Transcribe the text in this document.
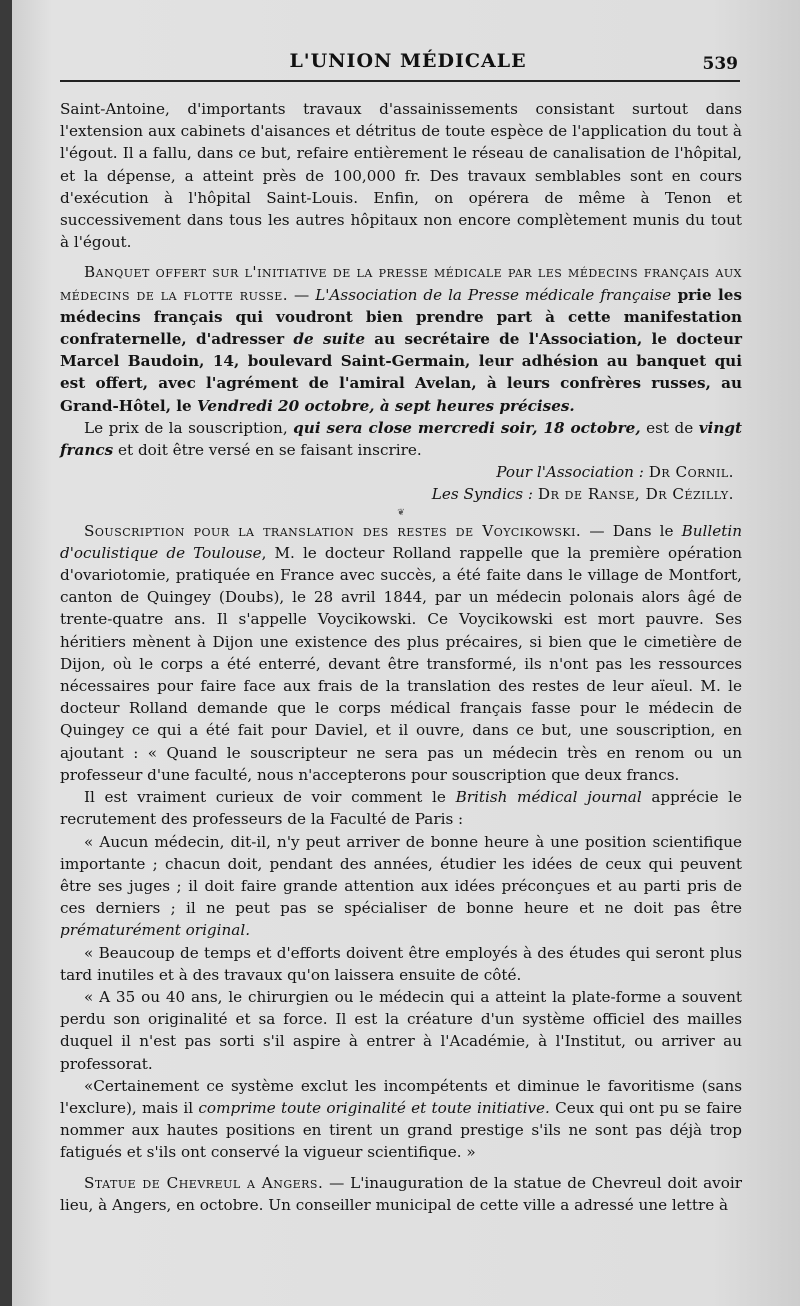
L'UNION MÉDICALE	539

Saint-Antoine, d'importants travaux d'assainissements consistant surtout dans l'extension aux cabinets d'aisances et détritus de toute espèce de l'application du tout à l'égout. Il a fallu, dans ce but, refaire entièrement le réseau de canalisation de l'hôpital, et la dépense, a atteint près de 100,000 fr. Des travaux semblables sont en cours d'exécution à l'hôpital Saint-Louis. Enfin, on opérera de même à Tenon et successivement dans tous les autres hôpitaux non encore complètement munis du tout à l'égout.

Banquet offert sur l'initiative de la presse médicale par les médecins français aux médecins de la flotte russe. — L'Association de la Presse médicale française prie les médecins français qui voudront bien prendre part à cette manifestation confraternelle, d'adresser de suite au secrétaire de l'Association, le docteur Marcel Baudoin, 14, boulevard Saint-Germain, leur adhésion au banquet qui est offert, avec l'agrément de l'amiral Avelan, à leurs confrères russes, au Grand-Hôtel, le Vendredi 20 octobre, à sept heures précises.

Le prix de la souscription, qui sera close mercredi soir, 18 octobre, est de vingt francs et doit être versé en se faisant inscrire.

Pour l'Association : Dr Cornil.

Les Syndics : Dr de Ranse, Dr Cézilly.

❦

Souscription pour la translation des restes de Voycikowski. — Dans le Bulletin d'oculistique de Toulouse, M. le docteur Rolland rappelle que la première opération d'ovariotomie, pratiquée en France avec succès, a été faite dans le village de Montfort, canton de Quingey (Doubs), le 28 avril 1844, par un médecin polonais alors âgé de trente-quatre ans. Il s'appelle Voycikowski. Ce Voycikowski est mort pauvre. Ses héritiers mènent à Dijon une existence des plus précaires, si bien que le cimetière de Dijon, où le corps a été enterré, devant être transformé, ils n'ont pas les ressources nécessaires pour faire face aux frais de la translation des restes de leur aïeul. M. le docteur Rolland demande que le corps médical français fasse pour le médecin de Quingey ce qui a été fait pour Daviel, et il ouvre, dans ce but, une souscription, en ajoutant : « Quand le souscripteur ne sera pas un médecin très en renom ou un professeur d'une faculté, nous n'accepterons pour souscription que deux francs.

Il est vraiment curieux de voir comment le British médical journal apprécie le recrutement des professeurs de la Faculté de Paris :

« Aucun médecin, dit-il, n'y peut arriver de bonne heure à une position scientifique importante ; chacun doit, pendant des années, étudier les idées de ceux qui peuvent être ses juges ; il doit faire grande attention aux idées préconçues et au parti pris de ces derniers ; il ne peut pas se spécialiser de bonne heure et ne doit pas être prématurément original.

« Beaucoup de temps et d'efforts doivent être employés à des études qui seront plus tard inutiles et à des travaux qu'on laissera ensuite de côté.

« A 35 ou 40 ans, le chirurgien ou le médecin qui a atteint la plate-forme a souvent perdu son originalité et sa force. Il est la créature d'un système officiel des mailles duquel il n'est pas sorti s'il aspire à entrer à l'Académie, à l'Institut, ou arriver au professorat.

«Certainement ce système exclut les incompétents et diminue le favoritisme (sans l'exclure), mais il comprime toute originalité et toute initiative. Ceux qui ont pu se faire nommer aux hautes positions en tirent un grand prestige s'ils ne sont pas déjà trop fatigués et s'ils ont conservé la vigueur scientifique. »

Statue de Chevreul a Angers. — L'inauguration de la statue de Chevreul doit avoir lieu, à Angers, en octobre. Un conseiller municipal de cette ville a adressé une lettre à
